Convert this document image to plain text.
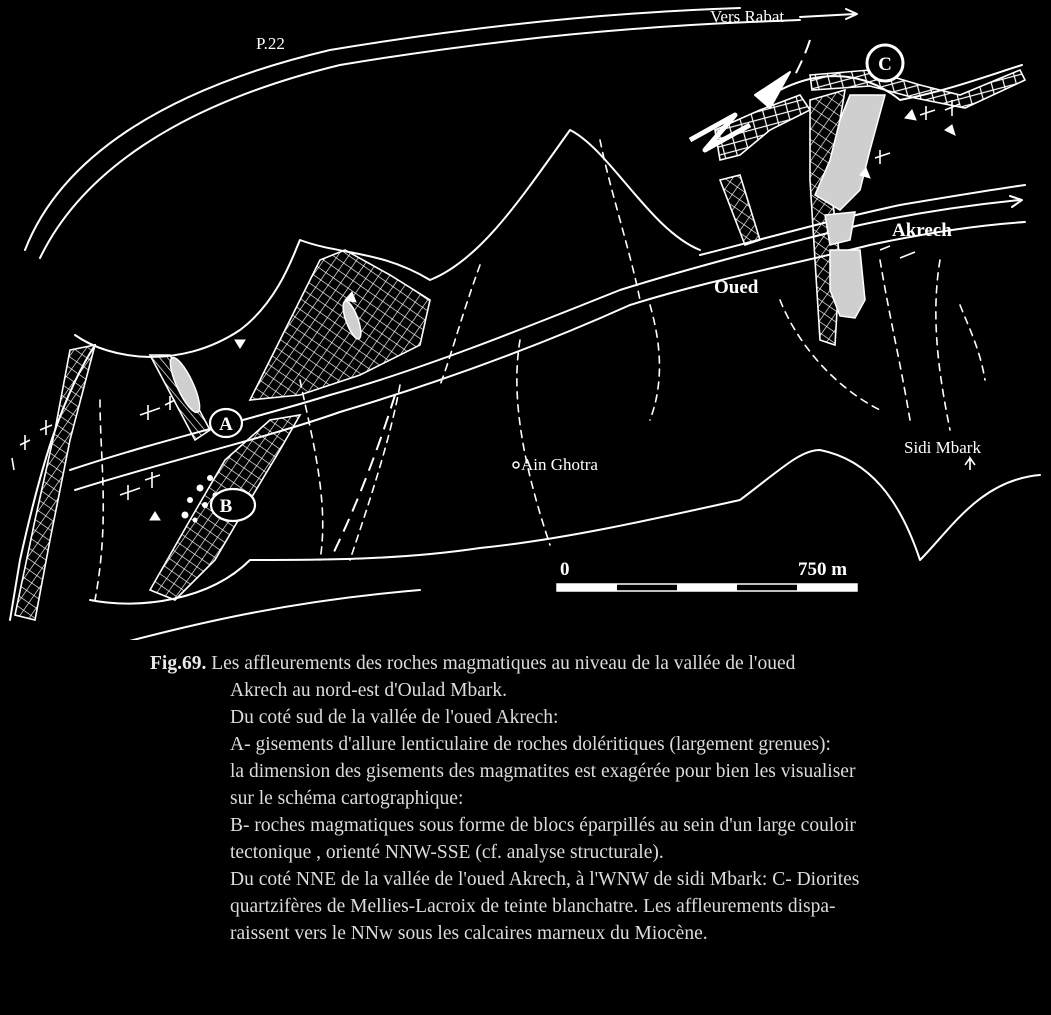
A
B
C
P.22
Vers Rabat
Oued
Akrech
Ain Ghotra
Sidi Mbark
0	750 m
Fig.69. Les affleurements des roches magmatiques au niveau de la vallée de l'oued
Akrech au nord-est d'Oulad Mbark.
Du coté sud de la vallée de l'oued Akrech:
A- gisements d'allure lenticulaire de roches doléritiques (largement grenues):
la dimension des gisements des magmatites est exagérée pour bien les visualiser
sur le schéma cartographique:
B- roches magmatiques sous forme de blocs éparpillés au sein d'un large couloir
tectonique , orienté NNW-SSE (cf. analyse structurale).
Du coté NNE de la vallée de l'oued Akrech, à l'WNW de sidi Mbark: C- Diorites
quartzifères de Mellies-Lacroix de teinte blanchatre. Les affleurements dispa-
raissent vers le NNw sous les calcaires marneux du Miocène.
